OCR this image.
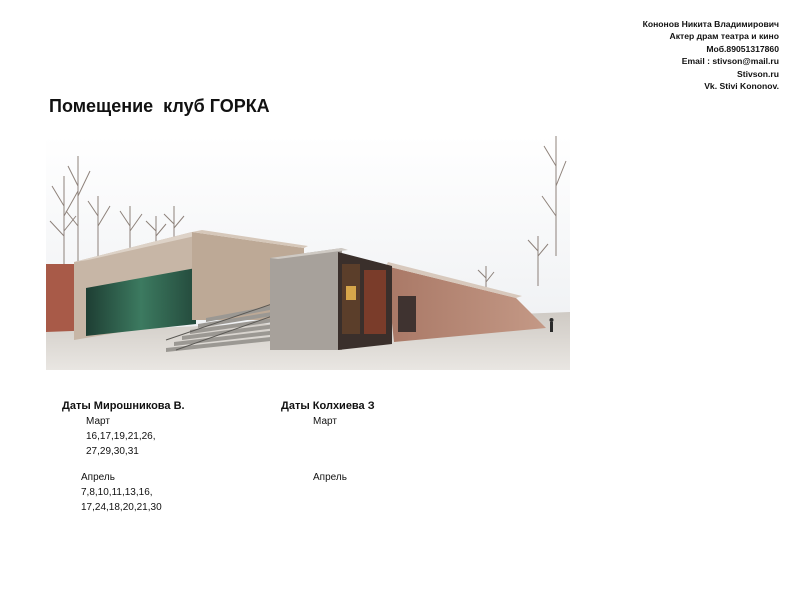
Кононов Никита Владимирович
Актер драм театра и кино
Моб.89051317860
Email : stivson@mail.ru
Stivson.ru
Vk. Stivi Kononov.

Помещение  клуб ГОРКА

Даты Мирошникова В.
Март
16,17,19,21,26,
27,29,30,31
Апрель
7,8,10,11,13,16,
17,24,18,20,21,30
Даты Колхиева З
Март
Апрель
